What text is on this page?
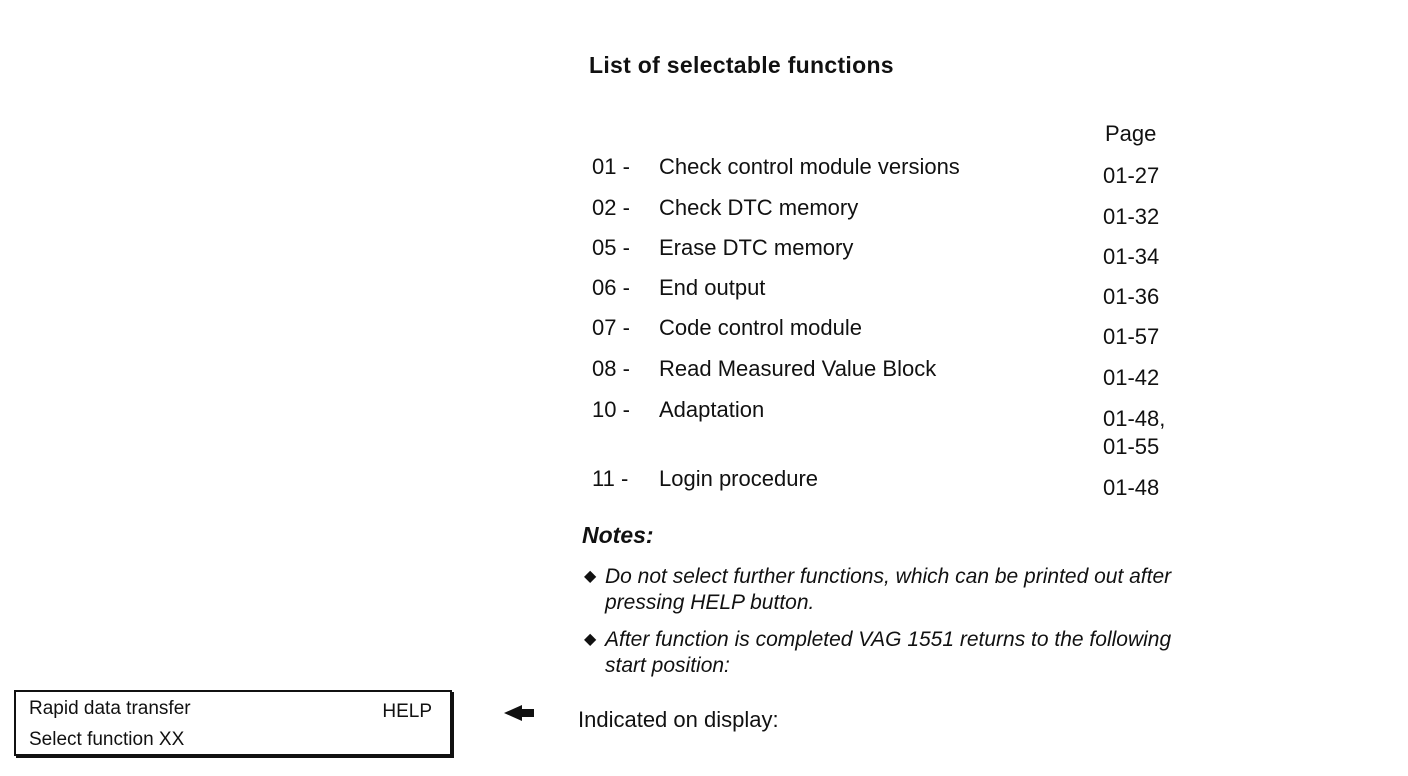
List of selectable functions
Page
01 - Check control module versions	01-27
02 - Check DTC memory	01-32
05 - Erase DTC memory	01-34
06 - End output	01-36
07 - Code control module	01-57
08 - Read Measured Value Block	01-42
10 - Adaptation	01-48,
01-55
11 - Login procedure	01-48
Notes:
◆ Do not select further functions, which can be printed out after
pressing HELP button.
◆ After function is completed VAG 1551 returns to the following
start position:
Rapid data transfer	HELP
Select function XX
Indicated on display:
